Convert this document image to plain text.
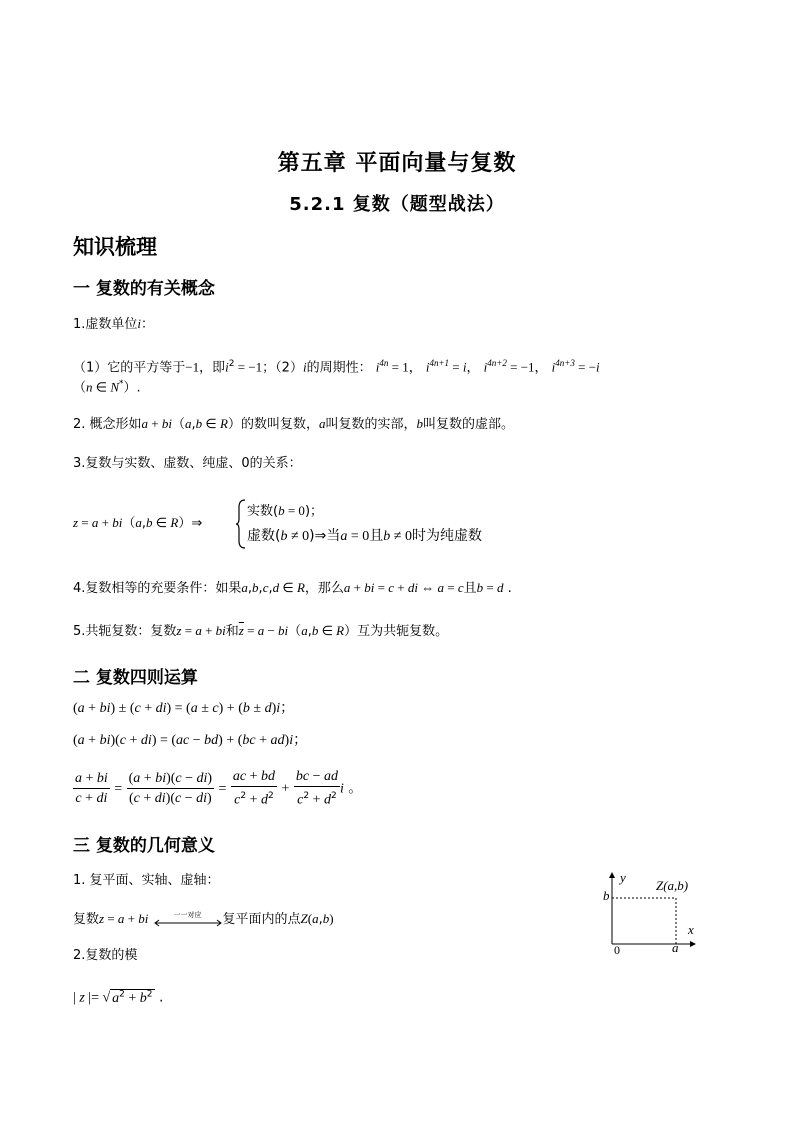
第五章 平面向量与复数
5.2.1 复数（题型战法）
知识梳理
一 复数的有关概念
1.虚数单位i：
（1）它的平方等于−1，即$i^2 = -1$；（2）i的周期性： $i^{4n} = 1$， $i^{4n+1} = i$， $i^{4n+2} = -1$， $i^{4n+3} = -i$
（n ∈ N*）.
2. 概念形如a + bi（a,b ∈ R）的数叫复数，a叫复数的实部，b叫复数的虚部。
3.复数与实数、虚数、纯虚、0的关系：
z = a + bi（a,b ∈ R）⇒
实数(b = 0)；
虚数(b ≠ 0)⇒当a = 0且b ≠ 0时为纯虚数
4.复数相等的充要条件：如果a,b,c,d ∈ R，那么a + bi = c + di ⇔ a = c且b = d .
5.共轭复数：复数z = a + bi和$\overline{z} = a - bi(a,b$ ∈ R）互为共轭复数。
二 复数四则运算
(a + bi) ± (c + di) = (a ± c) + (b ± d)i；
(a + bi)(c + di) = (ac − bd) + (bc + ad)i；
$\frac{a + bi}{c + di} = \frac{(a + bi)(c - di)}{(c + di)(c - di)} = \frac{ac + bd}{c^2 + d^2} + \frac{bc - ad}{c^2 + d^2}$ i 。
三 复数的几何意义
1. 复平面、实轴、虚轴：
复数z = a + bi	一一对应	复平面内的点Z(a,b)
2.复数的模
| z |= √ $a^2 + b^2$ .
y
x
b
0	a
Z(a,b)
